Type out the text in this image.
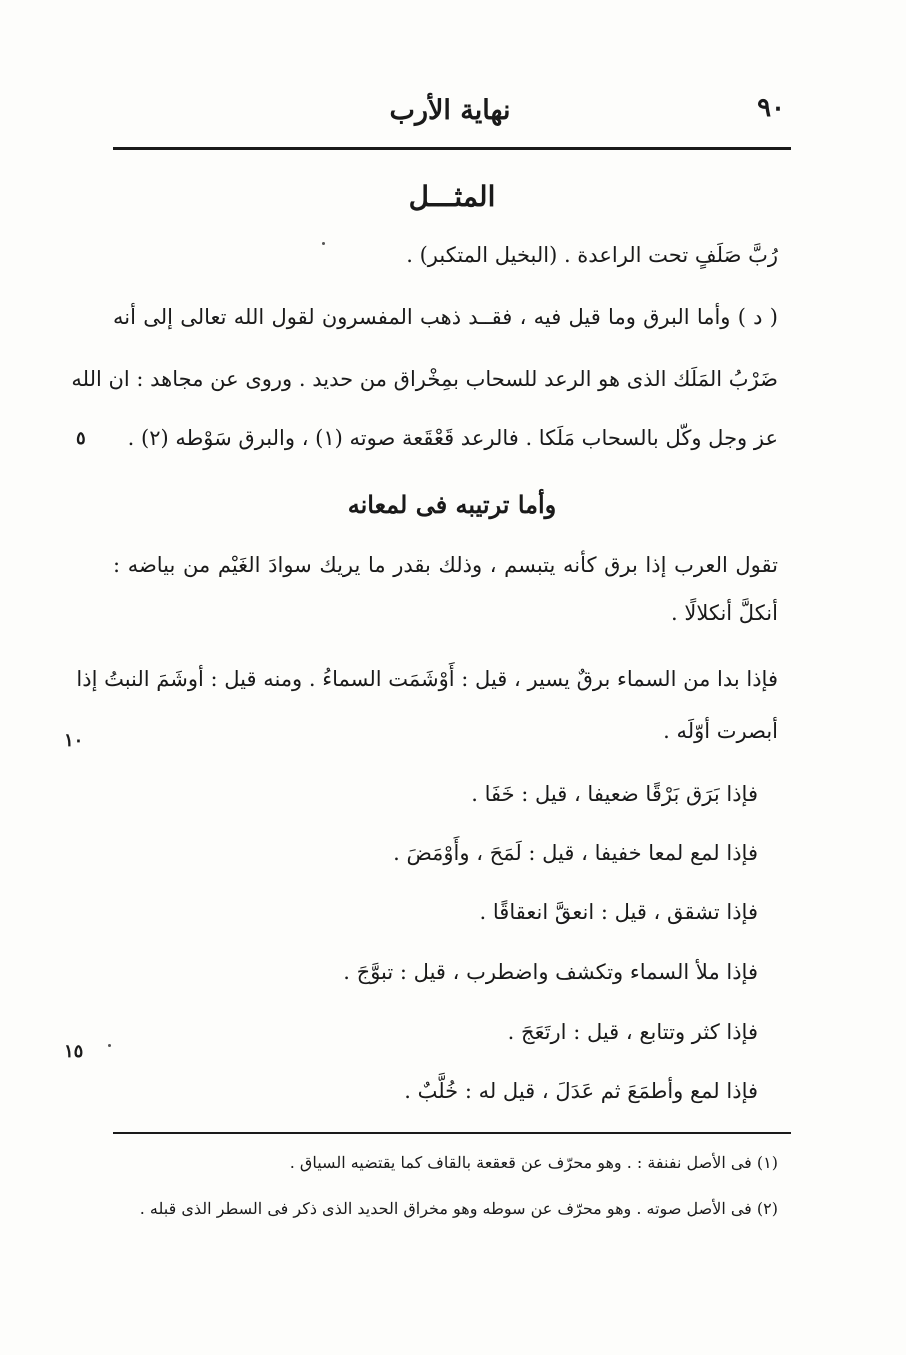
نهاية الأرب	٩٠
المثـــل
رُبَّ صَلَفٍ تحت الراعدة . (البخيل المتكبر) .
( د ) وأما البرق وما قيل فيه ، فقــد ذهب المفسرون لقول الله تعالى إلى أنه
ضَرْبُ المَلَك الذى هو الرعد للسحاب بمِخْراق من حديد . وروى عن مجاهد : ان الله
عز وجل وكّل بالسحاب مَلَكا . فالرعد قَعْقَعة صوته (١) ، والبرق سَوْطه (٢) .
وأما ترتيبه فى لمعانه
تقول العرب إذا برق كأنه يتبسم ، وذلك بقدر ما يريك سوادَ الغَيْم من بياضه :
أنكلَّ أنكلالًا .
فإذا بدا من السماء برقٌ يسير ، قيل : أَوْشَمَت السماءُ . ومنه قيل : أوشَمَ النبتُ إذا
أبصرت أوّلَه .
فإذا بَرَق بَرْقًا ضعيفا ، قيل : خَفَا .
فإذا لمع لمعا خفيفا ، قيل : لَمَحَ ، وأَوْمَضَ .
فإذا تشقق ، قيل : انعقَّ انعقاقًا .
فإذا ملأ السماء وتكشف واضطرب ، قيل : تبوَّجَ .
فإذا كثر وتتابع ، قيل : ارتَعَجَ .
فإذا لمع وأطمَعَ ثم عَدَلَ ، قيل له : خُلَّبٌ .
٥
١٠
١٥
(١) فى الأصل نفنفة : . وهو محرّف عن قعقعة بالقاف كما يقتضيه السياق .
(٢) فى الأصل صوته . وهو محرّف عن سوطه وهو مخراق الحديد الذى ذكر فى السطر الذى قبله .
